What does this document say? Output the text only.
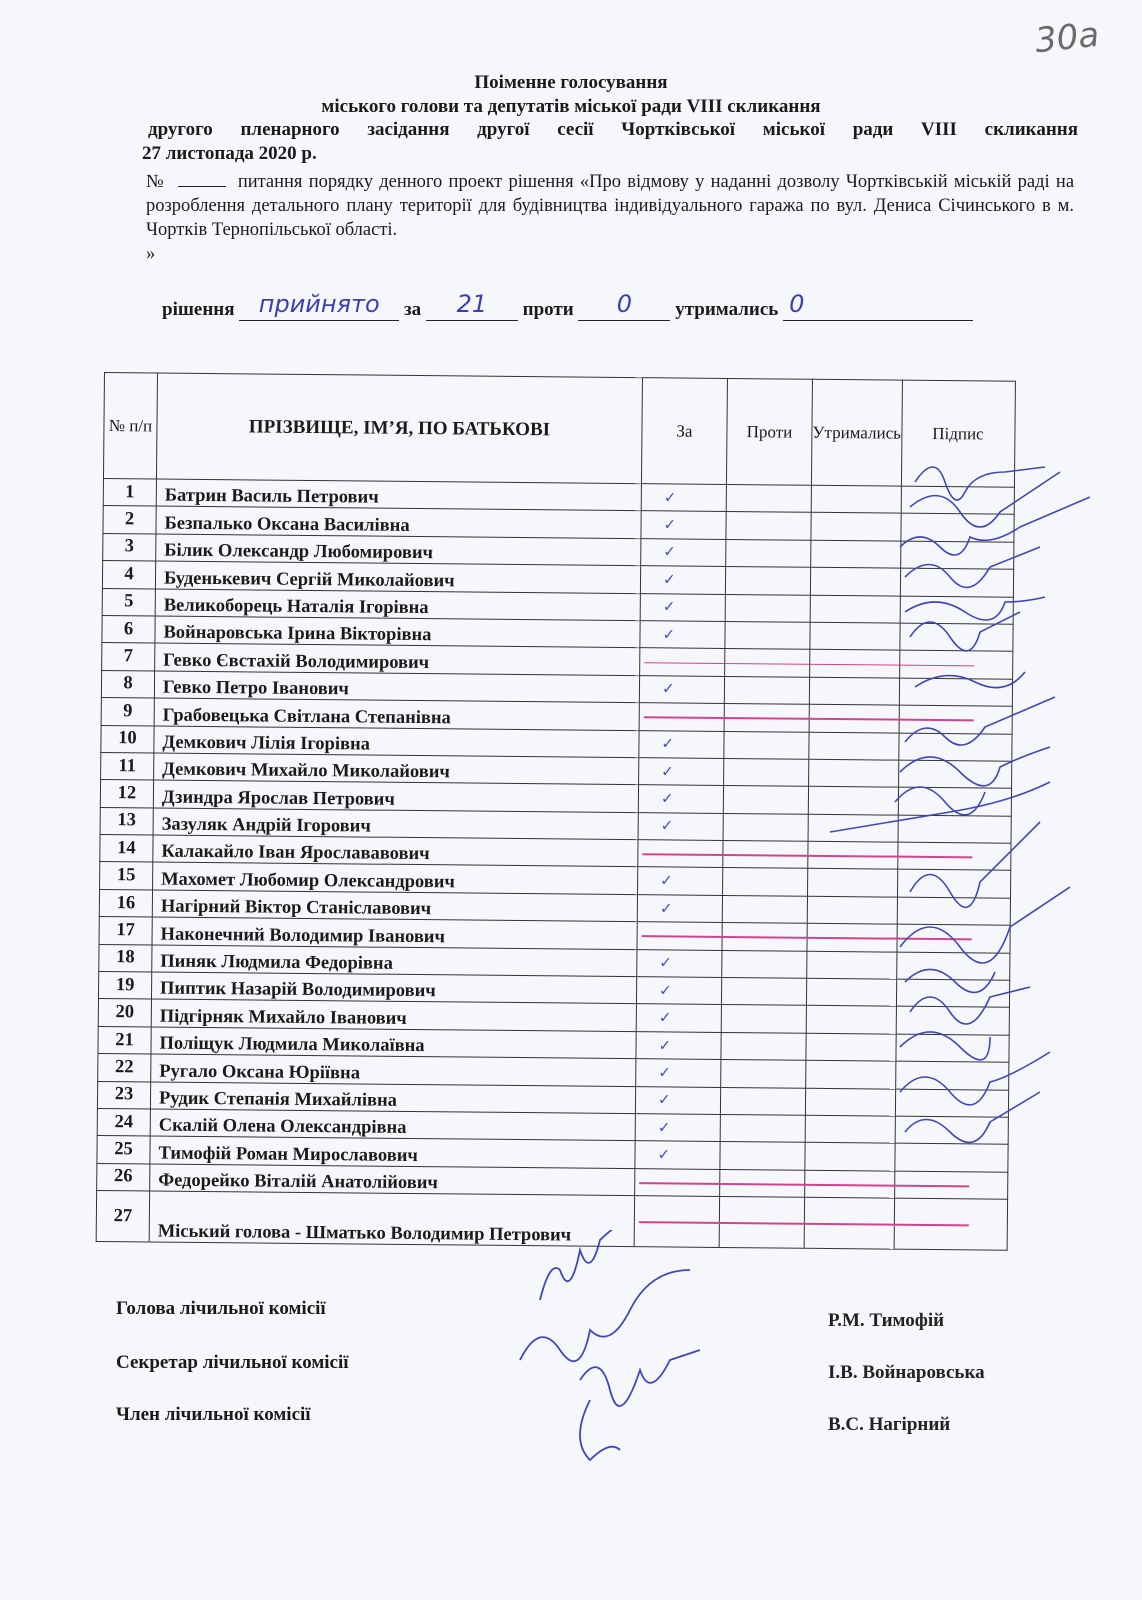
30a
Поіменне голосування
міського голови та депутатів міської ради VІІI скликання
другого пленарного засідання другої сесії Чортківської міської ради VIII скликання
27 листопада 2020 р.
№	питання порядку денного проект рішення «Про відмову у наданні дозволу Чортківській міській раді на розроблення детального плану території для будівництва індивідуального гаража по вул. Дениса Січинського в м. Чортків Тернопільської області.
»
рішення	прийнято	за	21	проти	0	утримались 0
№ п/п	ПРІЗВИЩЕ, ІМ’Я, ПО БАТЬКОВІ	За	Проти	Утримались	Підпис
1	Батрин Василь Петрович	✓			
2	Безпалько Оксана Василівна	✓			
3	Білик Олександр Любомирович	✓			
4	Буденькевич Сергій Миколайович	✓			
5	Великоборець Наталія Ігорівна	✓			
6	Войнаровська Ірина Вікторівна	✓			
7	Гевко Євстахій Володимирович	

8	Гевко Петро Іванович	✓			
9	Грабовецька Світлана Степанівна	

10	Демкович Лілія Ігорівна	✓			
11	Демкович Михайло Миколайович	✓			
12	Дзиндра Ярослав Петрович	✓			
13	Зазуляк Андрій Ігорович	✓			
14	Калакайло Іван Ярослававович	

15	Махомет Любомир Олександрович	✓			
16	Нагірний Віктор Станіславович	✓			
17	Наконечний Володимир Іванович	

18	Пиняк Людмила Федорівна	✓			
19	Пиптик Назарій Володимирович	✓			
20	Підгірняк Михайло Іванович	✓			
21	Поліщук Людмила Миколаївна	✓			
22	Ругало Оксана Юріївна	✓			
23	Рудик Степанія Михайлівна	✓			
24	Скалій Олена Олександрівна	✓			
25	Тимофій Роман Мирославович	✓			
26	Федорейко Віталій Анатолійович	

27	Міський голова - Шматько Володимир Петрович	

Голова лічильної комісії
Секретар лічильної комісії
Член лічильної комісії
Р.М. Тимофій
І.В. Войнаровська
В.С. Нагірний
